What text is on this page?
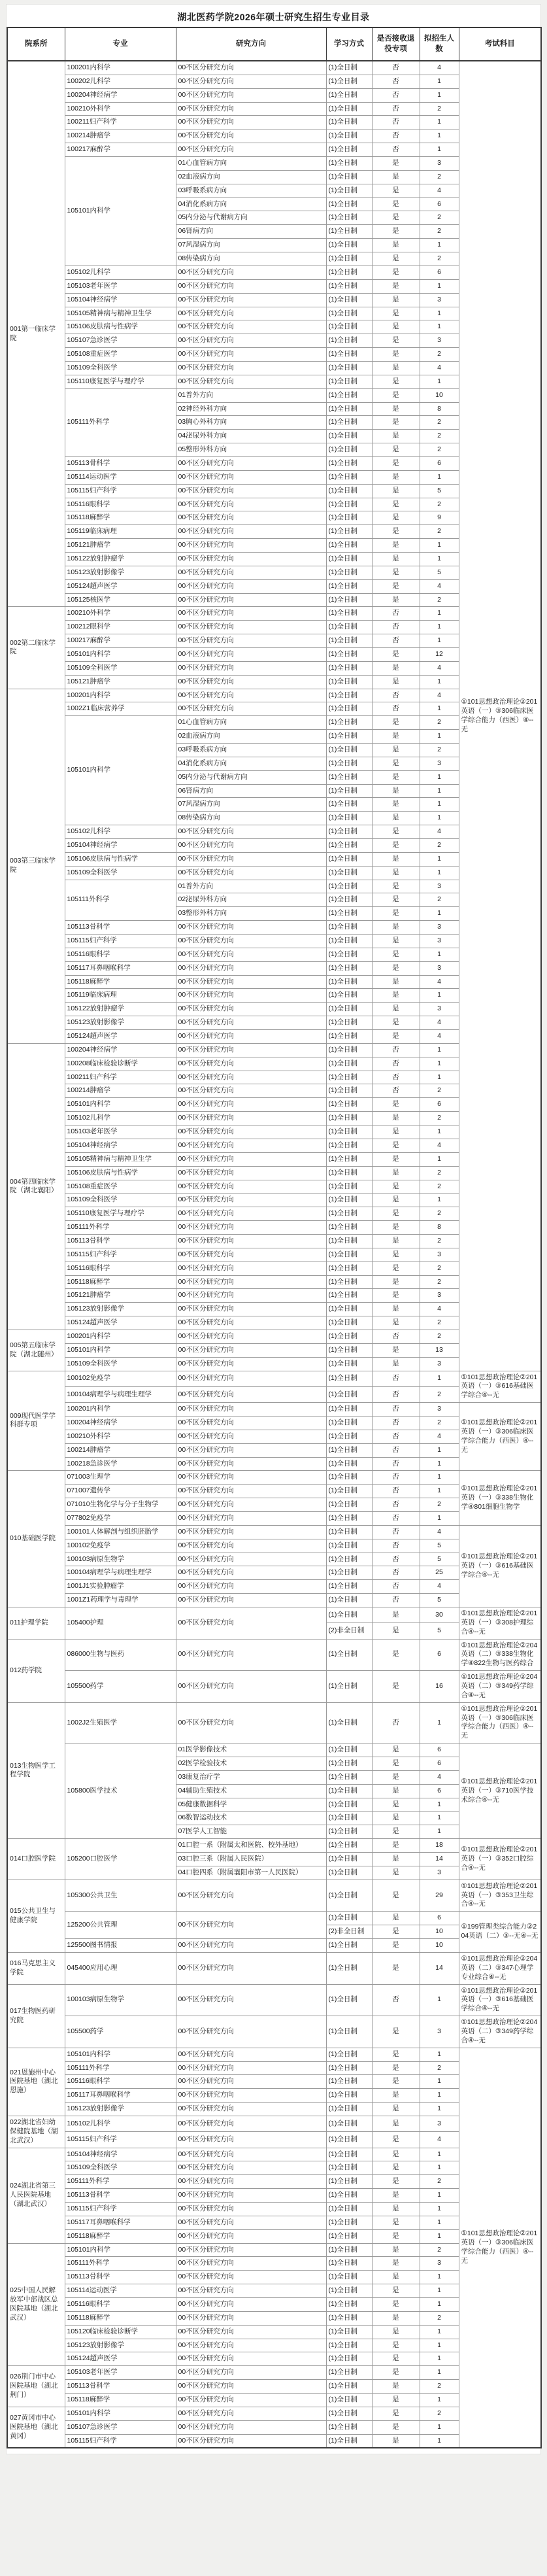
湖北医药学院2026年硕士研究生招生专业目录
院系所	专业	研究方向	学习方式	是否接收退役专项	拟招生人数	考试科目
001第一临床学院	100201内科学	00不区分研究方向	(1)全日制	否	4	①101思想政治理论②201英语（一）③306临床医学综合能力（西医）④--无
	100202儿科学	00不区分研究方向	(1)全日制	否	1	
	100204神经病学	00不区分研究方向	(1)全日制	否	1	
	100210外科学	00不区分研究方向	(1)全日制	否	2	
	100211妇产科学	00不区分研究方向	(1)全日制	否	1	
	100214肿瘤学	00不区分研究方向	(1)全日制	否	1	
	100217麻醉学	00不区分研究方向	(1)全日制	否	1	
	105101内科学	01心血管病方向	(1)全日制	是	3	
		02血液病方向	(1)全日制	是	2	
		03呼吸系病方向	(1)全日制	是	4	
		04消化系病方向	(1)全日制	是	6	
		05内分泌与代谢病方向	(1)全日制	是	2	
		06肾病方向	(1)全日制	是	2	
		07风湿病方向	(1)全日制	是	1	
		08传染病方向	(1)全日制	是	2	
	105102儿科学	00不区分研究方向	(1)全日制	是	6	
	105103老年医学	00不区分研究方向	(1)全日制	是	1	
	105104神经病学	00不区分研究方向	(1)全日制	是	3	
	105105精神病与精神卫生学	00不区分研究方向	(1)全日制	是	1	
	105106皮肤病与性病学	00不区分研究方向	(1)全日制	是	1	
	105107急诊医学	00不区分研究方向	(1)全日制	是	3	
	105108重症医学	00不区分研究方向	(1)全日制	是	2	
	105109全科医学	00不区分研究方向	(1)全日制	是	4	
	105110康复医学与理疗学	00不区分研究方向	(1)全日制	是	1	
	105111外科学	01普外方向	(1)全日制	是	10	
		02神经外科方向	(1)全日制	是	8	
		03胸心外科方向	(1)全日制	是	2	
		04泌尿外科方向	(1)全日制	是	2	
		05整形外科方向	(1)全日制	是	2	
	105113骨科学	00不区分研究方向	(1)全日制	是	6	
	105114运动医学	00不区分研究方向	(1)全日制	是	1	
	105115妇产科学	00不区分研究方向	(1)全日制	是	5	
	105116眼科学	00不区分研究方向	(1)全日制	是	2	
	105118麻醉学	00不区分研究方向	(1)全日制	是	9	
	105119临床病理	00不区分研究方向	(1)全日制	是	2	
	105121肿瘤学	00不区分研究方向	(1)全日制	是	1	
	105122放射肿瘤学	00不区分研究方向	(1)全日制	是	1	
	105123放射影像学	00不区分研究方向	(1)全日制	是	5	
	105124超声医学	00不区分研究方向	(1)全日制	是	4	
	105125核医学	00不区分研究方向	(1)全日制	是	2	
002第二临床学院	100210外科学	00不区分研究方向	(1)全日制	否	1	
	100212眼科学	00不区分研究方向	(1)全日制	否	1	
	100217麻醉学	00不区分研究方向	(1)全日制	否	1	
	105101内科学	00不区分研究方向	(1)全日制	是	12	
	105109全科医学	00不区分研究方向	(1)全日制	是	4	
	105121肿瘤学	00不区分研究方向	(1)全日制	是	1	
003第三临床学院	100201内科学	00不区分研究方向	(1)全日制	否	4	
	1002Z1临床营养学	00不区分研究方向	(1)全日制	否	1	
	105101内科学	01心血管病方向	(1)全日制	是	2	
		02血液病方向	(1)全日制	是	1	
		03呼吸系病方向	(1)全日制	是	2	
		04消化系病方向	(1)全日制	是	3	
		05内分泌与代谢病方向	(1)全日制	是	1	
		06肾病方向	(1)全日制	是	1	
		07风湿病方向	(1)全日制	是	1	
		08传染病方向	(1)全日制	是	1	
	105102儿科学	00不区分研究方向	(1)全日制	是	4	
	105104神经病学	00不区分研究方向	(1)全日制	是	2	
	105106皮肤病与性病学	00不区分研究方向	(1)全日制	是	1	
	105109全科医学	00不区分研究方向	(1)全日制	是	1	
	105111外科学	01普外方向	(1)全日制	是	3	
		02泌尿外科方向	(1)全日制	是	2	
		03整形外科方向	(1)全日制	是	1	
	105113骨科学	00不区分研究方向	(1)全日制	是	3	
	105115妇产科学	00不区分研究方向	(1)全日制	是	3	
	105116眼科学	00不区分研究方向	(1)全日制	是	1	
	105117耳鼻咽喉科学	00不区分研究方向	(1)全日制	是	3	
	105118麻醉学	00不区分研究方向	(1)全日制	是	4	
	105119临床病理	00不区分研究方向	(1)全日制	是	1	
	105122放射肿瘤学	00不区分研究方向	(1)全日制	是	3	
	105123放射影像学	00不区分研究方向	(1)全日制	是	4	
	105124超声医学	00不区分研究方向	(1)全日制	是	4	
004第四临床学院（湖北襄阳）	100204神经病学	00不区分研究方向	(1)全日制	否	1	
	100208临床检验诊断学	00不区分研究方向	(1)全日制	否	1	
	100211妇产科学	00不区分研究方向	(1)全日制	否	1	
	100214肿瘤学	00不区分研究方向	(1)全日制	否	2	
	105101内科学	00不区分研究方向	(1)全日制	是	6	
	105102儿科学	00不区分研究方向	(1)全日制	是	2	
	105103老年医学	00不区分研究方向	(1)全日制	是	1	
	105104神经病学	00不区分研究方向	(1)全日制	是	4	
	105105精神病与精神卫生学	00不区分研究方向	(1)全日制	是	1	
	105106皮肤病与性病学	00不区分研究方向	(1)全日制	是	2	
	105108重症医学	00不区分研究方向	(1)全日制	是	2	
	105109全科医学	00不区分研究方向	(1)全日制	是	1	
	105110康复医学与理疗学	00不区分研究方向	(1)全日制	是	2	
	105111外科学	00不区分研究方向	(1)全日制	是	8	
	105113骨科学	00不区分研究方向	(1)全日制	是	2	
	105115妇产科学	00不区分研究方向	(1)全日制	是	3	
	105116眼科学	00不区分研究方向	(1)全日制	是	2	
	105118麻醉学	00不区分研究方向	(1)全日制	是	2	
	105121肿瘤学	00不区分研究方向	(1)全日制	是	3	
	105123放射影像学	00不区分研究方向	(1)全日制	是	4	
	105124超声医学	00不区分研究方向	(1)全日制	是	2	
005第五临床学院（湖北随州）	100201内科学	00不区分研究方向	(1)全日制	否	2	
	105101内科学	00不区分研究方向	(1)全日制	是	13	
	105109全科医学	00不区分研究方向	(1)全日制	是	3	
009现代医学学科群专项	100102免疫学	00不区分研究方向	(1)全日制	否	1	①101思想政治理论②201英语（一）③616基础医学综合④--无
	100104病理学与病理生理学	00不区分研究方向	(1)全日制	否	2	
	100201内科学	00不区分研究方向	(1)全日制	否	3	①101思想政治理论②201英语（一）③306临床医学综合能力（西医）④--无
	100204神经病学	00不区分研究方向	(1)全日制	否	2	
	100210外科学	00不区分研究方向	(1)全日制	否	4	
	100214肿瘤学	00不区分研究方向	(1)全日制	否	1	
	100218急诊医学	00不区分研究方向	(1)全日制	否	1	
010基础医学院	071003生理学	00不区分研究方向	(1)全日制	否	1	①101思想政治理论②201英语（一）③338生物化学④801细胞生物学
	071007遗传学	00不区分研究方向	(1)全日制	否	1	
	071010生物化学与分子生物学	00不区分研究方向	(1)全日制	否	2	
	077802免疫学	00不区分研究方向	(1)全日制	否	1	
	100101人体解剖与组织胚胎学	00不区分研究方向	(1)全日制	否	4	①101思想政治理论②201英语（一）③616基础医学综合④--无
	100102免疫学	00不区分研究方向	(1)全日制	否	5	
	100103病原生物学	00不区分研究方向	(1)全日制	否	5	
	100104病理学与病理生理学	00不区分研究方向	(1)全日制	否	25	
	1001J1实验肿瘤学	00不区分研究方向	(1)全日制	否	4	
	1001Z1药理学与毒理学	00不区分研究方向	(1)全日制	否	5	
011护理学院	105400护理	00不区分研究方向	(1)全日制	是	30	①101思想政治理论②201英语（一）③308护理综合④--无
			(2)非全日制	是	5	
012药学院	086000生物与医药	00不区分研究方向	(1)全日制	是	6	①101思想政治理论②204英语（二）③338生物化学④822生物与医药综合
	105500药学	00不区分研究方向	(1)全日制	是	16	①101思想政治理论②204英语（二）③349药学综合④--无
013生物医学工程学院	1002J2生殖医学	00不区分研究方向	(1)全日制	否	1	①101思想政治理论②201英语（一）③306临床医学综合能力（西医）④--无
	105800医学技术	01医学影像技术	(1)全日制	是	6	①101思想政治理论②201英语（一）③710医学技术综合④--无
		02医学检验技术	(1)全日制	是	6	
		03康复治疗学	(1)全日制	是	4	
		04辅助生殖技术	(1)全日制	是	6	
		05健康数据科学	(1)全日制	是	1	
		06数智运动技术	(1)全日制	是	1	
		07医学人工智能	(1)全日制	是	1	
014口腔医学院	105200口腔医学	01口腔一系（附属太和医院、校外基地）	(1)全日制	是	18	①101思想政治理论②201英语（一）③352口腔综合④--无
		03口腔三系（附属人民医院）	(1)全日制	是	14	
		04口腔四系（附属襄阳市第一人民医院）	(1)全日制	是	3	
015公共卫生与健康学院	105300公共卫生	00不区分研究方向	(1)全日制	是	29	①101思想政治理论②201英语（一）③353卫生综合④--无
	125200公共管理	00不区分研究方向	(1)全日制	是	6	①199管理类综合能力②204英语（二）③--无④--无
			(2)非全日制	是	10	
	125500图书情报	00不区分研究方向	(1)全日制	是	10	
016马克思主义学院	045400应用心理	00不区分研究方向	(1)全日制	是	14	①101思想政治理论②204英语（二）③347心理学专业综合④--无
017生物医药研究院	100103病原生物学	00不区分研究方向	(1)全日制	否	1	①101思想政治理论②201英语（一）③616基础医学综合④--无
	105500药学	00不区分研究方向	(1)全日制	是	3	①101思想政治理论②204英语（二）③349药学综合④--无
021恩施州中心医院基地（湖北恩施）	105101内科学	00不区分研究方向	(1)全日制	是	1	①101思想政治理论②201英语（一）③306临床医学综合能力（西医）④--无
	105111外科学	00不区分研究方向	(1)全日制	是	2	
	105116眼科学	00不区分研究方向	(1)全日制	是	1	
	105117耳鼻咽喉科学	00不区分研究方向	(1)全日制	是	1	
	105123放射影像学	00不区分研究方向	(1)全日制	是	1	
022湖北省妇幼保健院基地（湖北武汉）	105102儿科学	00不区分研究方向	(1)全日制	是	3	
	105115妇产科学	00不区分研究方向	(1)全日制	是	4	
024湖北省第三人民医院基地（湖北武汉）	105104神经病学	00不区分研究方向	(1)全日制	是	1	
	105109全科医学	00不区分研究方向	(1)全日制	是	1	
	105111外科学	00不区分研究方向	(1)全日制	是	2	
	105113骨科学	00不区分研究方向	(1)全日制	是	1	
	105115妇产科学	00不区分研究方向	(1)全日制	是	1	
	105117耳鼻咽喉科学	00不区分研究方向	(1)全日制	是	1	
	105118麻醉学	00不区分研究方向	(1)全日制	是	1	
025中国人民解放军中部战区总医院基地（湖北武汉）	105101内科学	00不区分研究方向	(1)全日制	是	2	
	105111外科学	00不区分研究方向	(1)全日制	是	3	
	105113骨科学	00不区分研究方向	(1)全日制	是	1	
	105114运动医学	00不区分研究方向	(1)全日制	是	1	
	105116眼科学	00不区分研究方向	(1)全日制	是	1	
	105118麻醉学	00不区分研究方向	(1)全日制	是	2	
	105120临床检验诊断学	00不区分研究方向	(1)全日制	是	1	
	105123放射影像学	00不区分研究方向	(1)全日制	是	1	
	105124超声医学	00不区分研究方向	(1)全日制	是	1	
026荆门市中心医院基地（湖北荆门）	105103老年医学	00不区分研究方向	(1)全日制	是	1	
	105113骨科学	00不区分研究方向	(1)全日制	是	2	
	105118麻醉学	00不区分研究方向	(1)全日制	是	1	
027黄冈市中心医院基地（湖北黄冈）	105101内科学	00不区分研究方向	(1)全日制	是	2	
	105107急诊医学	00不区分研究方向	(1)全日制	是	1	
	105115妇产科学	00不区分研究方向	(1)全日制	是	1	
